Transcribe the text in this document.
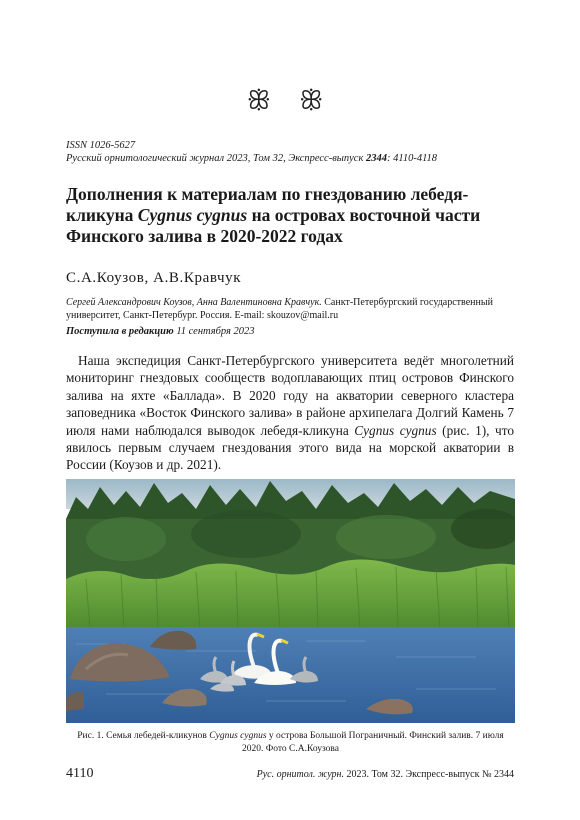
ꕥ ꕥ
ISSN 1026-5627
Русский орнитологический журнал 2023, Том 32, Экспресс-выпуск 2344: 4110-4118
Дополнения к материалам по гнездованию лебедя-кликуна Cygnus cygnus на островах восточной части Финского залива в 2020-2022 годах
С.А.Коузов, А.В.Кравчук
Сергей Александрович Коузов, Анна Валентиновна Кравчук. Санкт-Петербургский государственный университет, Санкт-Петербург. Россия. E-mail: skouzov@mail.ru
Поступила в редакцию 11 сентября 2023
Наша экспедиция Санкт-Петербургского университета ведёт многолетний мониторинг гнездовых сообществ водоплавающих птиц островов Финского залива на яхте «Баллада». В 2020 году на акватории северного кластера заповедника «Восток Финского залива» в районе архипелага Долгий Камень 7 июля нами наблюдался выводок лебедя-кликуна Cygnus cygnus (рис. 1), что явилось первым случаем гнездования этого вида на морской акватории в России (Коузов и др. 2021).
Рис. 1. Семья лебедей-кликунов Cygnus cygnus у острова Большой Пограничный. Финский залив. 7 июля 2020. Фото С.А.Коузова
4110	Рус. орнитол. журн. 2023. Том 32. Экспресс-выпуск № 2344
